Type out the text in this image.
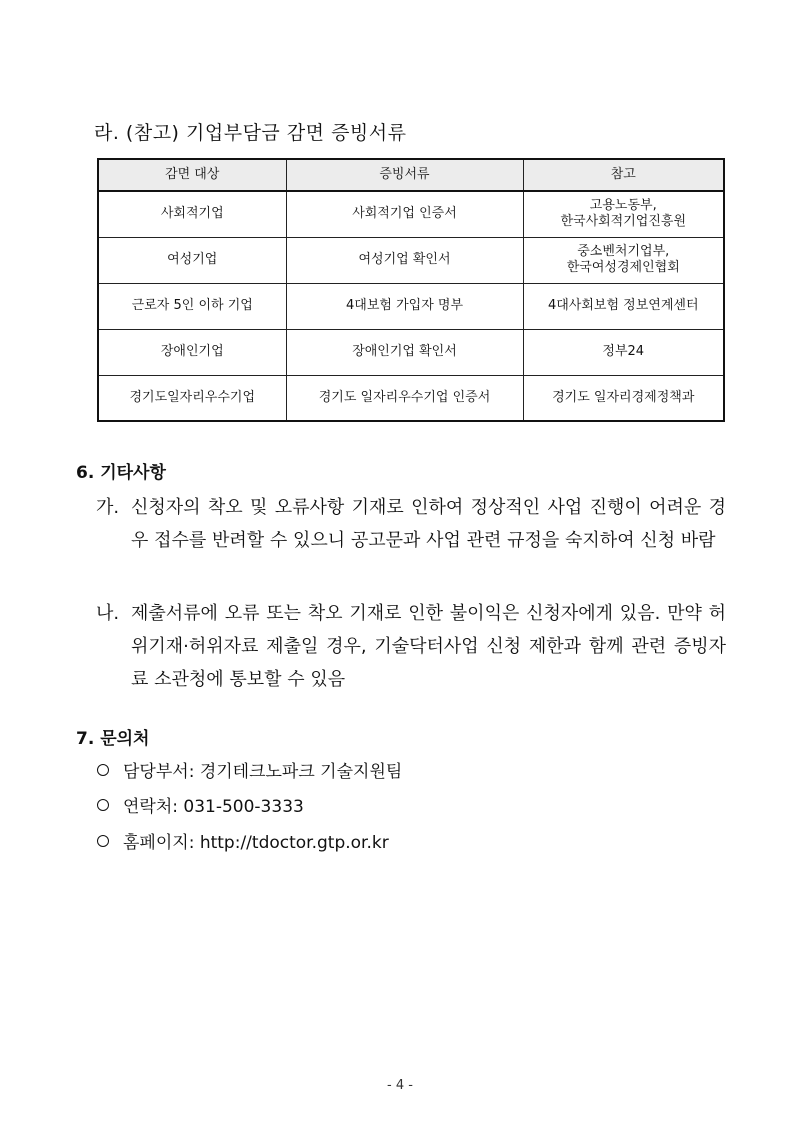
라. (참고) 기업부담금 감면 증빙서류
감면 대상	증빙서류	참고
사회적기업	사회적기업 인증서	고용노동부,
한국사회적기업진흥원
여성기업	여성기업 확인서	중소벤처기업부,
한국여성경제인협회
근로자 5인 이하 기업	4대보험 가입자 명부	4대사회보험 정보연계센터
장애인기업	장애인기업 확인서	정부24
경기도일자리우수기업	경기도 일자리우수기업 인증서	경기도 일자리경제정책과
6. 기타사항
가. 신청자의 착오 및 오류사항 기재로 인하여 정상적인 사업 진행이 어려운 경우 접수를 반려할 수 있으니 공고문과 사업 관련 규정을 숙지하여 신청 바람
나. 제출서류에 오류 또는 착오 기재로 인한 불이익은 신청자에게 있음. 만약 허위기재·허위자료 제출일 경우, 기술닥터사업 신청 제한과 함께 관련 증빙자료 소관청에 통보할 수 있음
7. 문의처
담당부서: 경기테크노파크 기술지원팀
연락처: 031-500-3333
홈페이지: http://tdoctor.gtp.or.kr
- 4 -
